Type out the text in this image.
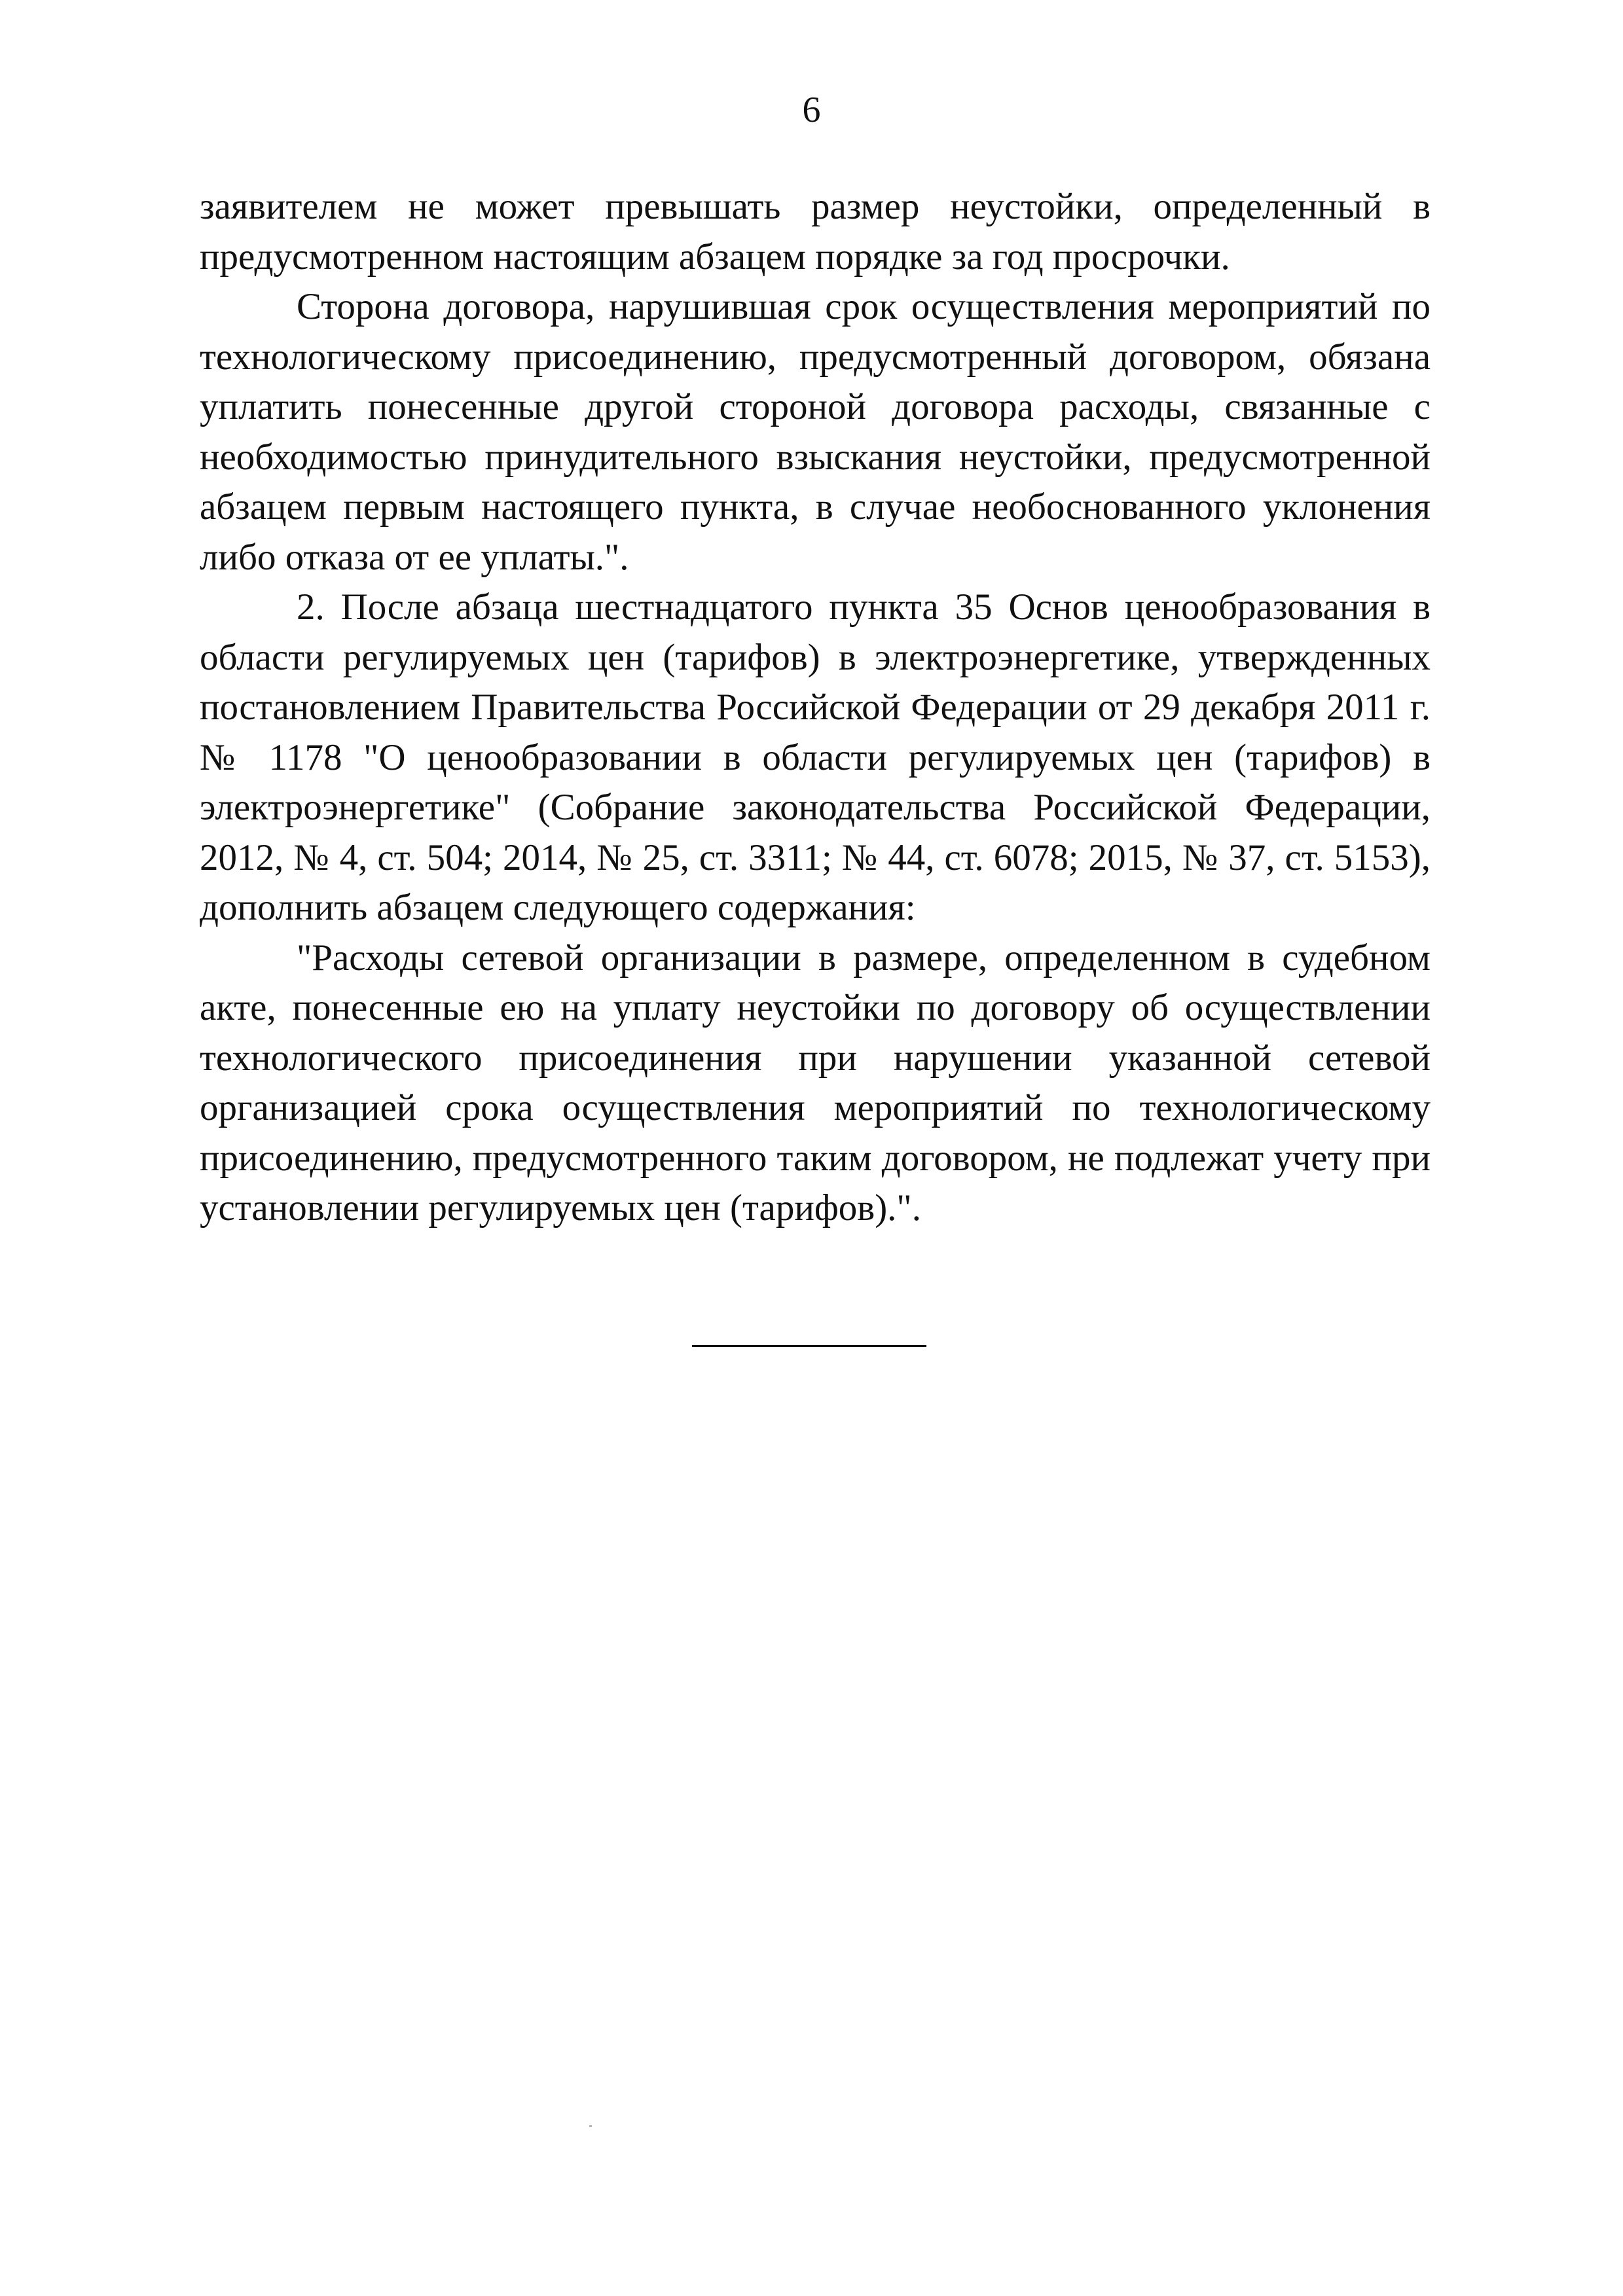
6

заявителем не может превышать размер неустойки, определенный в предусмотренном настоящим абзацем порядке за год просрочки.

Сторона договора, нарушившая срок осуществления мероприятий по технологическому присоединению, предусмотренный договором, обязана уплатить понесенные другой стороной договора расходы, связанные с необходимостью принудительного взыскания неустойки, предусмотренной абзацем первым настоящего пункта, в случае необоснованного уклонения либо отказа от ее уплаты.".

2. После абзаца шестнадцатого пункта 35 Основ ценообразования в области регулируемых цен (тарифов) в электроэнергетике, утвержденных постановлением Правительства Российской Федерации от 29 декабря 2011 г. № 1178 "О ценообразовании в области регулируемых цен (тарифов) в электроэнергетике" (Собрание законодательства Российской Федерации, 2012, № 4, ст. 504; 2014, № 25, ст. 3311; № 44, ст. 6078; 2015, № 37, ст. 5153), дополнить абзацем следующего содержания:

"Расходы сетевой организации в размере, определенном в судебном акте, понесенные ею на уплату неустойки по договору об осуществлении технологического присоединения при нарушении указанной сетевой организацией срока осуществления мероприятий по технологическому присоединению, предусмотренного таким договором, не подлежат учету при установлении регулируемых цен (тарифов).".
